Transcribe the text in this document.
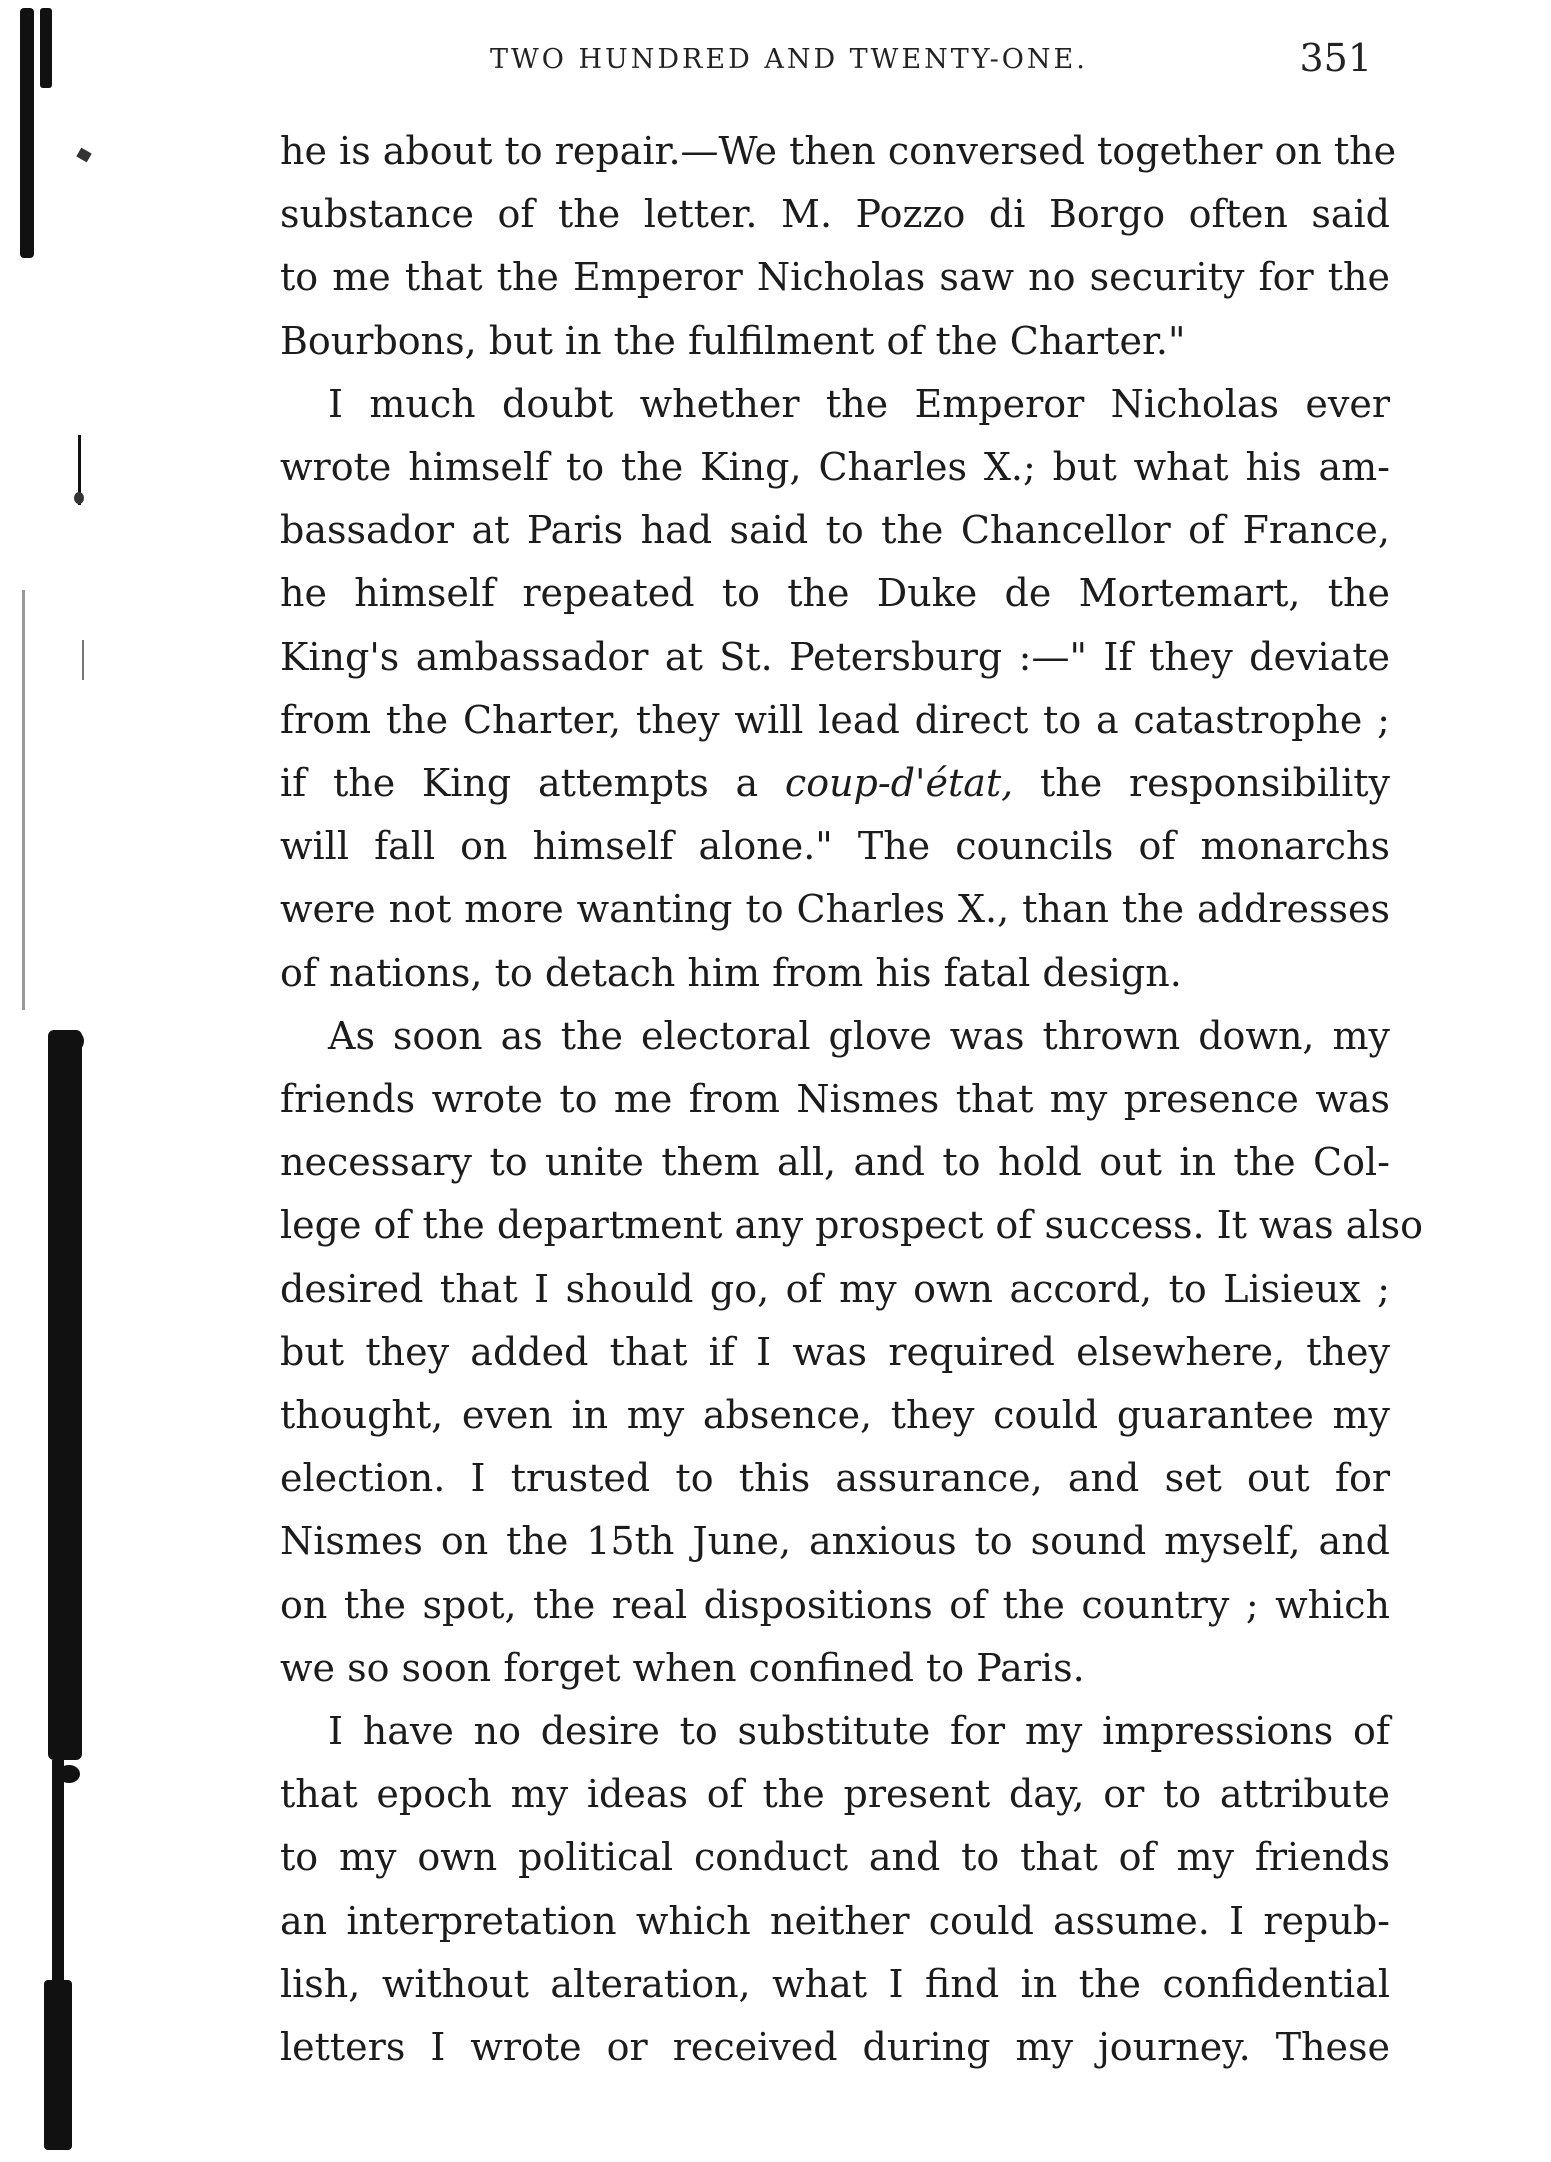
TWO HUNDRED AND TWENTY-ONE.	351
he is about to repair.—We then conversed together on the
substance of the letter. M. Pozzo di Borgo often said
to me that the Emperor Nicholas saw no security for the
Bourbons, but in the fulfilment of the Charter."
I much doubt whether the Emperor Nicholas ever
wrote himself to the King, Charles X.; but what his am-
bassador at Paris had said to the Chancellor of France,
he himself repeated to the Duke de Mortemart, the
King's ambassador at St. Petersburg :—" If they deviate
from the Charter, they will lead direct to a catastrophe ;
if the King attempts a coup-d'état, the responsibility
will fall on himself alone." The councils of monarchs
were not more wanting to Charles X., than the addresses
of nations, to detach him from his fatal design.
As soon as the electoral glove was thrown down, my
friends wrote to me from Nismes that my presence was
necessary to unite them all, and to hold out in the Col-
lege of the department any prospect of success. It was also
desired that I should go, of my own accord, to Lisieux ;
but they added that if I was required elsewhere, they
thought, even in my absence, they could guarantee my
election. I trusted to this assurance, and set out for
Nismes on the 15th June, anxious to sound myself, and
on the spot, the real dispositions of the country ; which
we so soon forget when confined to Paris.
I have no desire to substitute for my impressions of
that epoch my ideas of the present day, or to attribute
to my own political conduct and to that of my friends
an interpretation which neither could assume. I repub-
lish, without alteration, what I find in the confidential
letters I wrote or received during my journey. These
